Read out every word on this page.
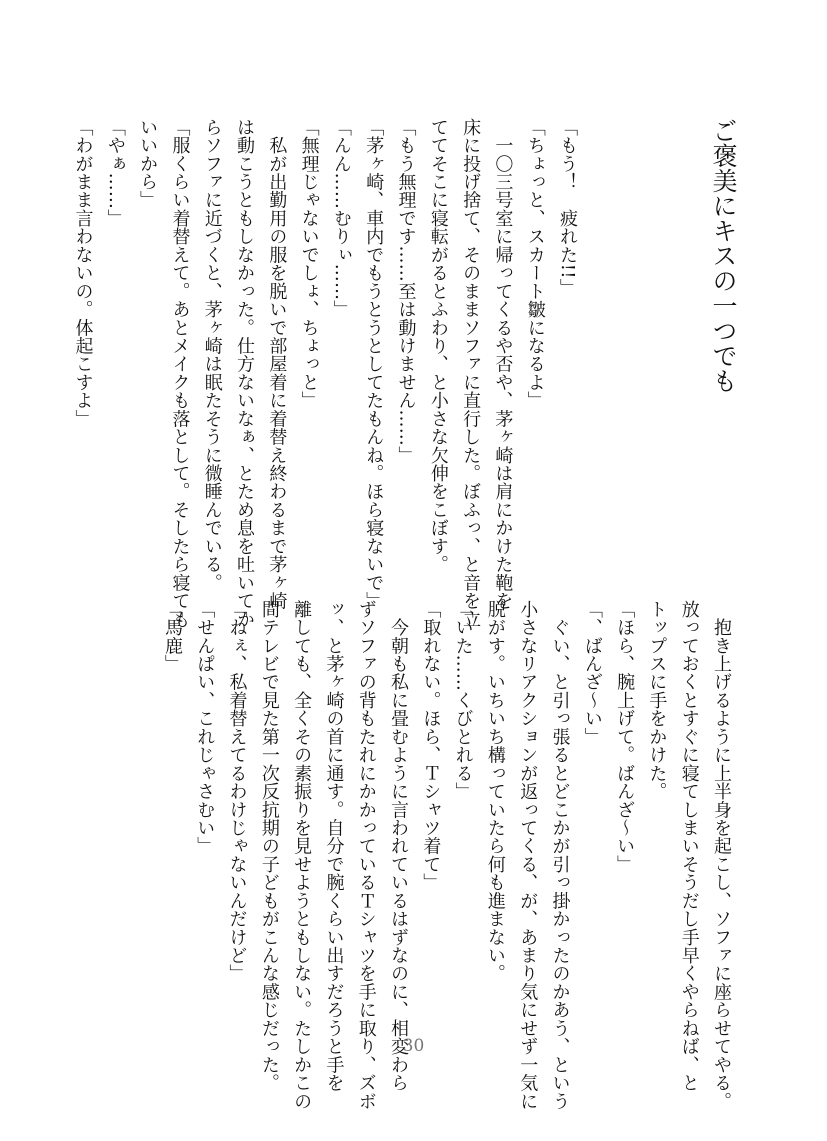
ご褒美にキスの一つでも

「もう！　疲れた!!」

「ちょっと、スカート皺になるよ」

　一〇三号室に帰ってくるや否や、茅ヶ崎は肩にかけた鞄を

床に投げ捨て、そのままソファに直行した。ぼふっ、と音を立

ててそこに寝転がるとふわり、と小さな欠伸をこぼす。

「もう無理です……至は動けません……」

「茅ヶ崎、車内でもうとうとしてたもんね。ほら寝ないで」

「んん……むりぃ……」

「無理じゃないでしょ、ちょっと」

　私が出勤用の服を脱いで部屋着に着替え終わるまで茅ヶ崎

は動こうともしなかった。仕方ないなぁ、とため息を吐いてか

らソファに近づくと、茅ヶ崎は眠たそうに微睡んでいる。

「服くらい着替えて。あとメイクも落として。そしたら寝ても

いいから」

「やぁ……」

「わがまま言わないの。体起こすよ」

　抱き上げるように上半身を起こし、ソファに座らせてやる。

放っておくとすぐに寝てしまいそうだし手早くやらねば、と

トップスに手をかけた。

「ほら、腕上げて。ばんざ〜い」

「、ばんざ〜い」

　ぐい、と引っ張るとどこかが引っ掛かったのかあう、という

小さなリアクションが返ってくる、が、あまり気にせず一気に

脱がす。いちいち構っていたら何も進まない。

「いた……くびとれる」

「取れない。ほら、Ｔシャツ着て」

　今朝も私に畳むように言われているはずなのに、相変わら

ずソファの背もたれにかかっているＴシャツを手に取り、ズボ

ッ、と茅ヶ崎の首に通す。自分で腕くらい出すだろうと手を

離しても、全くその素振りを見せようともしない。たしかこの

間テレビで見た第一次反抗期の子どもがこんな感じだった。

「ねぇ、私着替えてるわけじゃないんだけど」

「せんぱい、これじゃさむい」

「馬鹿」

30
